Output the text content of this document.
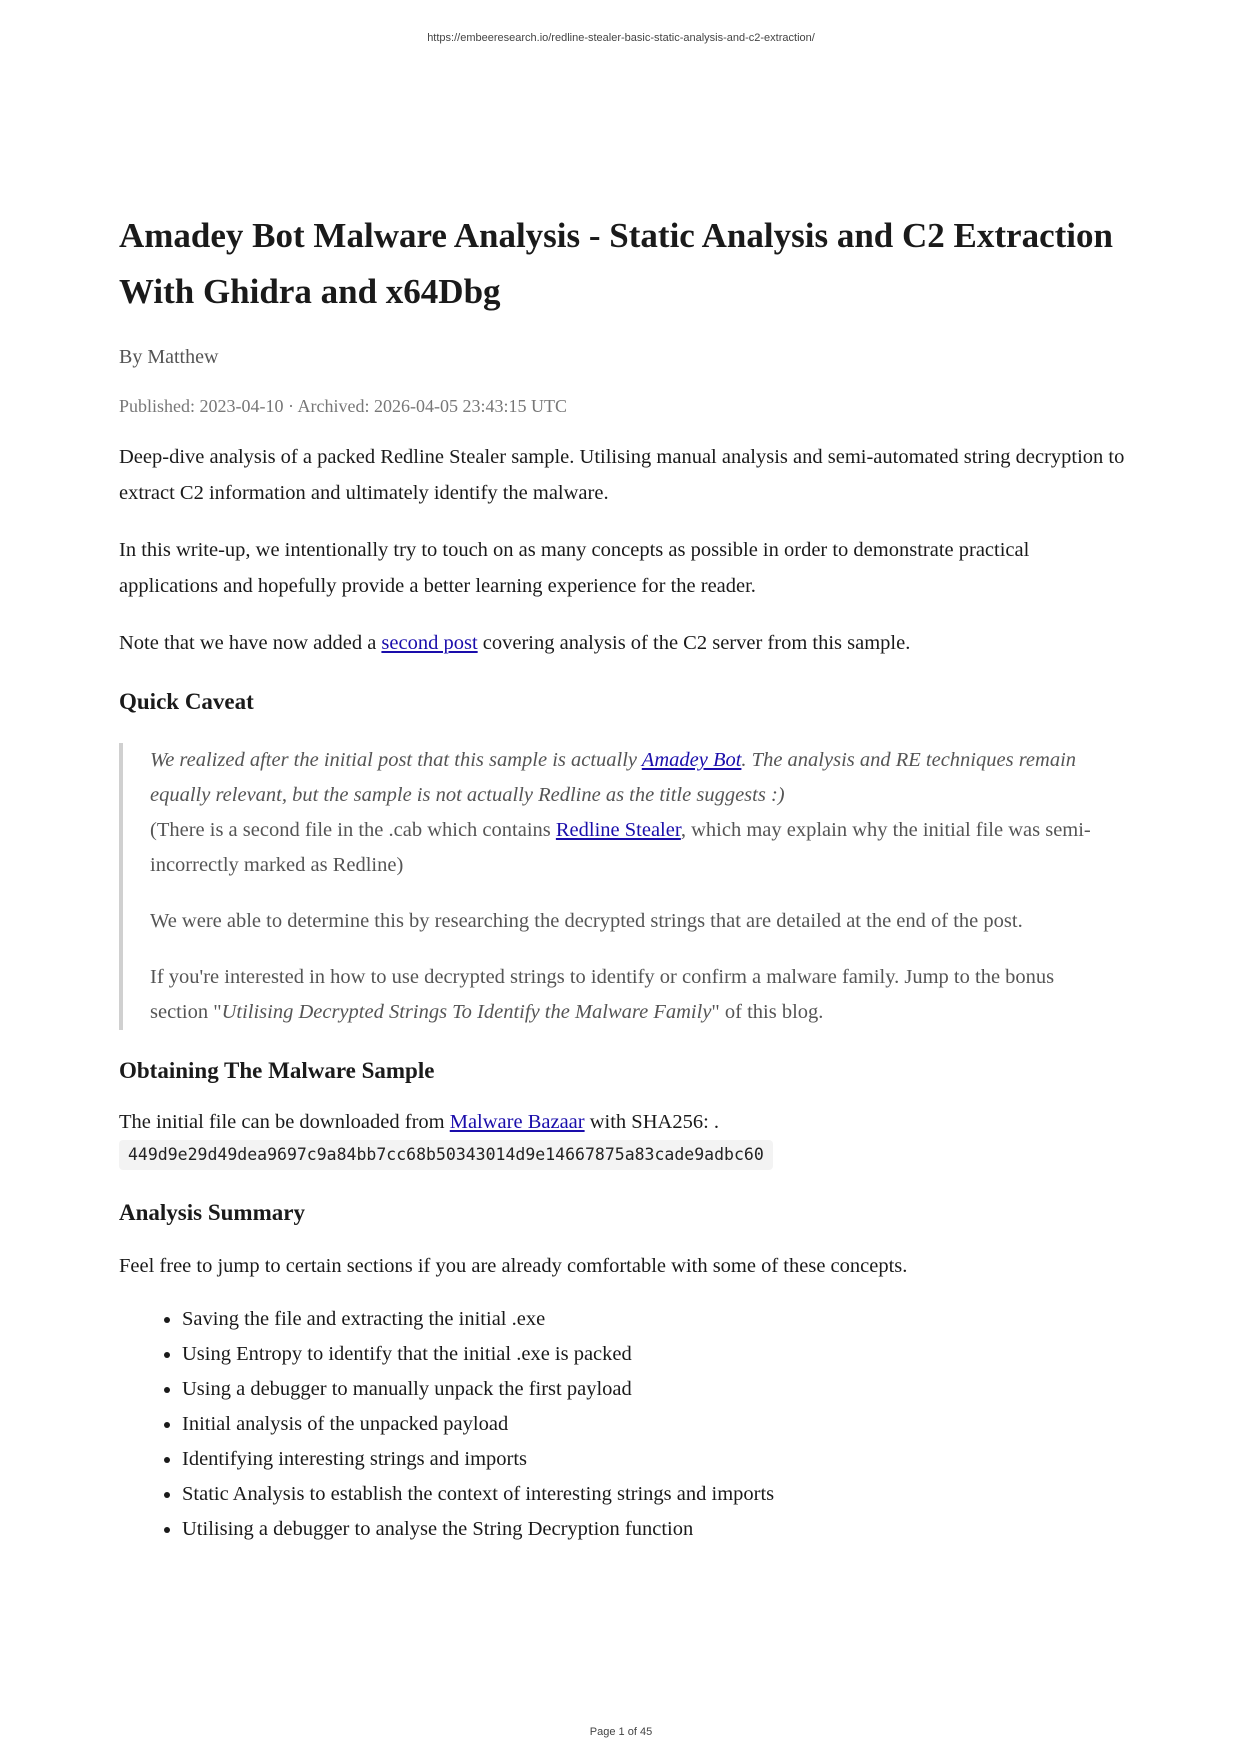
https://embeeresearch.io/redline-stealer-basic-static-analysis-and-c2-extraction/
Amadey Bot Malware Analysis - Static Analysis and C2 Extraction With Ghidra and x64Dbg
By Matthew
Published: 2023-04-10 · Archived: 2026-04-05 23:43:15 UTC

Deep-dive analysis of a packed Redline Stealer sample. Utilising manual analysis and semi-automated string decryption to extract C2 information and ultimately identify the malware.

In this write-up, we intentionally try to touch on as many concepts as possible in order to demonstrate practical applications and hopefully provide a better learning experience for the reader.

Note that we have now added a second post covering analysis of the C2 server from this sample.

Quick Caveat

We realized after the initial post that this sample is actually Amadey Bot. The analysis and RE techniques remain equally relevant, but the sample is not actually Redline as the title suggests :)
(There is a second file in the .cab which contains Redline Stealer, which may explain why the initial file was semi-incorrectly marked as Redline)

We were able to determine this by researching the decrypted strings that are detailed at the end of the post.

If you're interested in how to use decrypted strings to identify or confirm a malware family. Jump to the bonus section "Utilising Decrypted Strings To Identify the Malware Family" of this blog.

Obtaining The Malware Sample

The initial file can be downloaded from Malware Bazaar with SHA256: .
449d9e29d49dea9697c9a84bb7cc68b50343014d9e14667875a83cade9adbc60

Analysis Summary

Feel free to jump to certain sections if you are already comfortable with some of these concepts.

• Saving the file and extracting the initial .exe
• Using Entropy to identify that the initial .exe is packed
• Using a debugger to manually unpack the first payload
• Initial analysis of the unpacked payload
• Identifying interesting strings and imports
• Static Analysis to establish the context of interesting strings and imports
• Utilising a debugger to analyse the String Decryption function
Page 1 of 45
